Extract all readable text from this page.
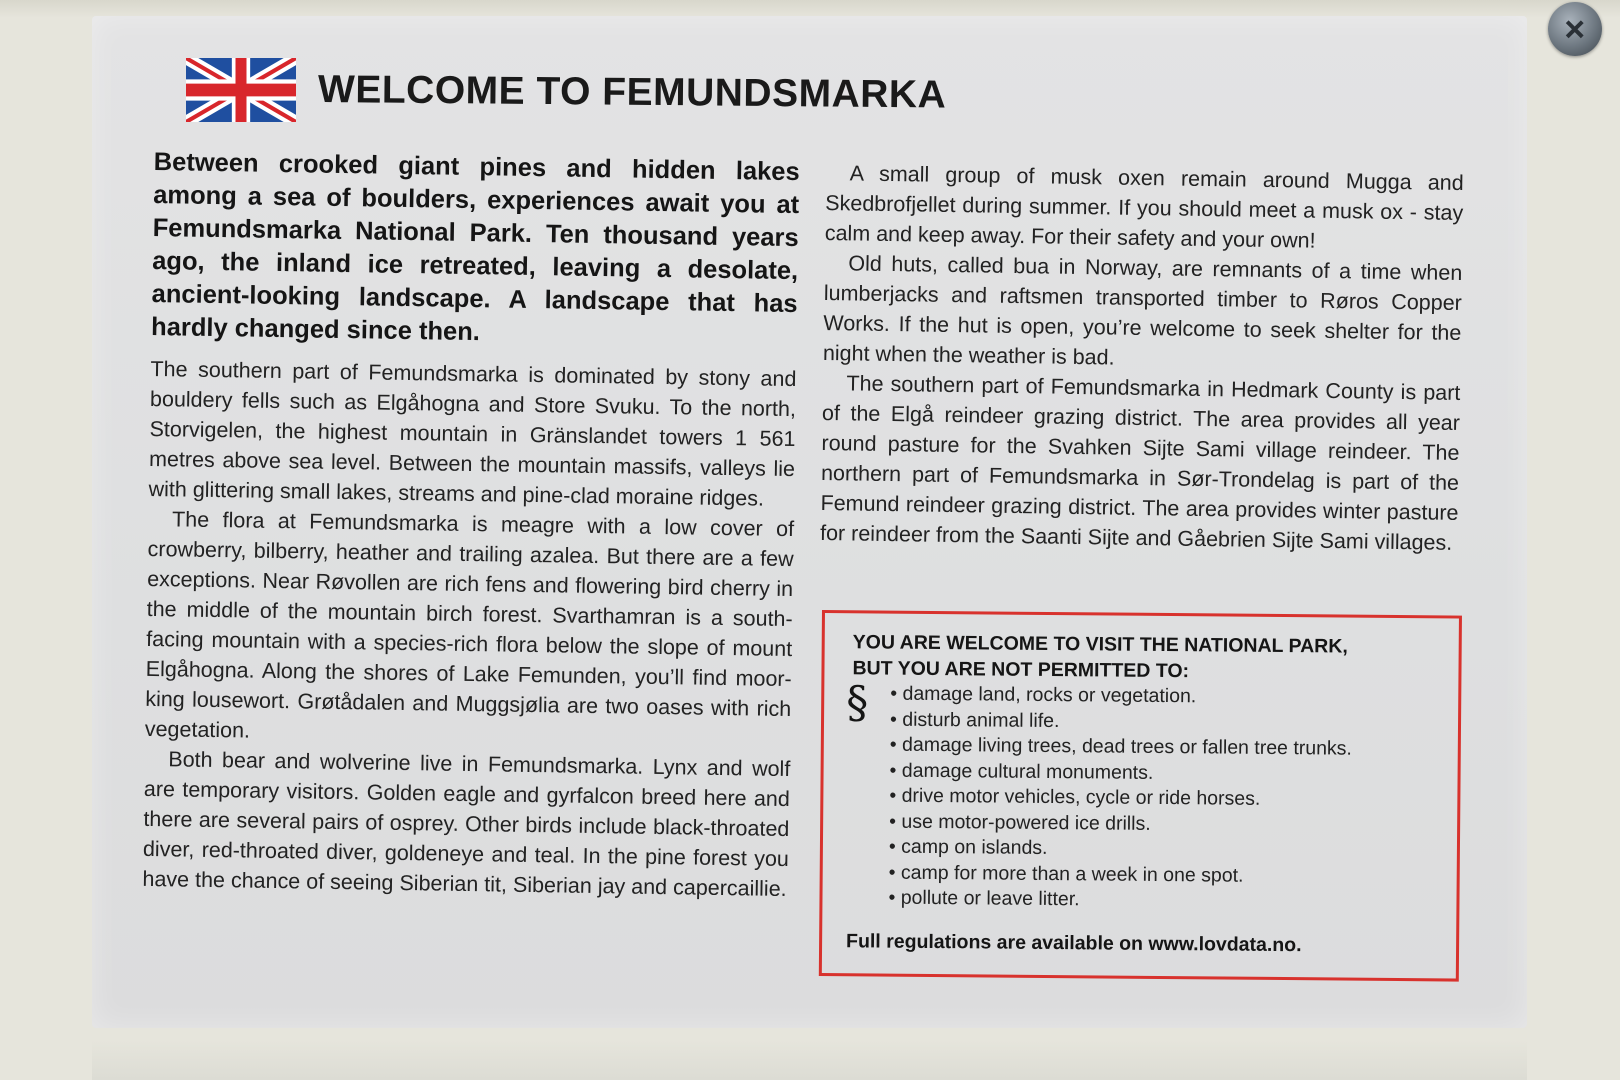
+
WELCOME TO FEMUNDSMARKA

Between crooked giant pines and hidden lakes among a sea of boulders, experiences await you at Femundsmarka National Park. Ten thousand years ago, the inland ice retreated, leaving a desolate, ancient-looking landscape. A landscape that has hardly changed since then.

The southern part of Femundsmarka is dominated by stony and bouldery fells such as Elgåhogna and Store Svuku. To the north, Storvigelen, the highest mountain in Gränslandet towers 1 561 metres above sea level. Between the mountain massifs, valleys lie with glittering small lakes, streams and pine-clad moraine ridges.

The flora at Femundsmarka is meagre with a low cover of crowberry, bilberry, heather and trailing azalea. But there are a few exceptions. Near Røvollen are rich fens and flowering bird cherry in the middle of the mountain birch forest. Svarthamran is a south-facing mountain with a species-rich flora below the slope of mount Elgåhogna. Along the shores of Lake Femunden, you’ll find moor-king lousewort. Grøtådalen and Muggsjølia are two oases with rich vegetation.

Both bear and wolverine live in Femundsmarka. Lynx and wolf are temporary visitors. Golden eagle and gyrfalcon breed here and there are several pairs of osprey. Other birds include black-throated diver, red-throated diver, goldeneye and teal. In the pine forest you have the chance of seeing Siberian tit, Siberian jay and capercaillie.

A small group of musk oxen remain around Mugga and Skedbrofjellet during summer. If you should meet a musk ox - stay calm and keep away. For their safety and your own!

Old huts, called bua in Norway, are remnants of a time when lumberjacks and raftsmen transported timber to Røros Copper Works. If the hut is open, you’re welcome to seek shelter for the night when the weather is bad.

The southern part of Femundsmarka in Hedmark County is part of the Elgå reindeer grazing district. The area provides all year round pasture for the Svahken Sijte Sami village reindeer. The northern part of Femundsmarka in Sør-Trondelag is part of the Femund reindeer grazing district. The area provides winter pasture for reindeer from the Saanti Sijte and Gåebrien Sijte Sami villages.

YOU ARE WELCOME TO VISIT THE NATIONAL PARK,
BUT YOU ARE NOT PERMITTED TO:

§
•	damage land, rocks or vegetation.
• disturb animal life.
• damage living trees, dead trees or fallen tree trunks.
• damage cultural monuments.
• drive motor vehicles, cycle or ride horses.
• use motor-powered ice drills.
• camp on islands.
• camp for more than a week in one spot.
• pollute or leave litter.

Full regulations are available on www.lovdata.no.
